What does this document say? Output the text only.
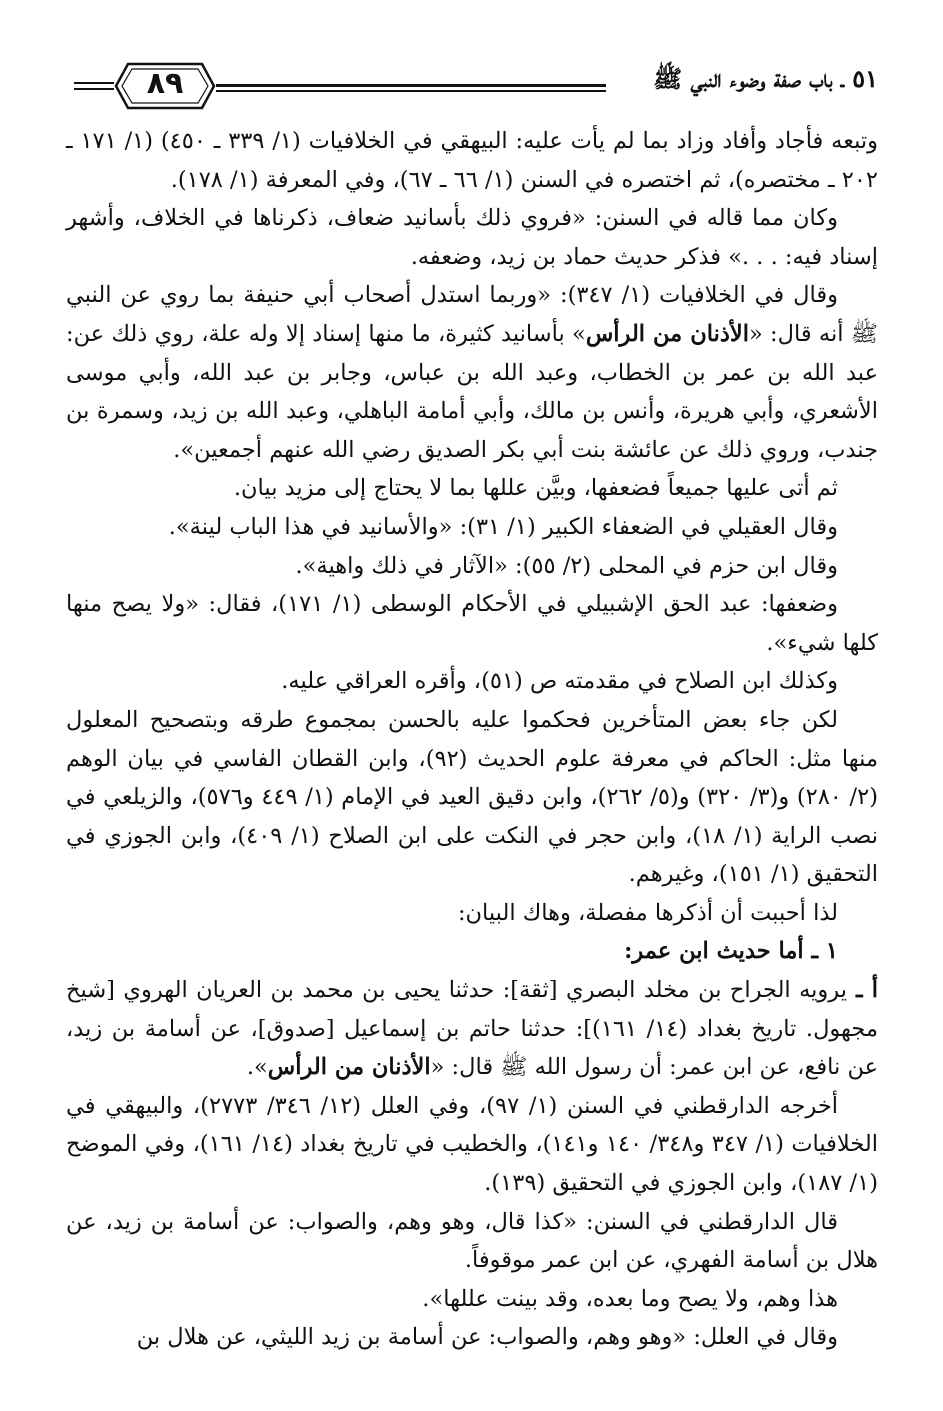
٨٩	٥١ ـ باب صفة وضوء النبي ﷺ

وتبعه فأجاد وأفاد وزاد بما لم يأت عليه: البيهقي في الخلافيات (١/ ٣٣٩ ـ ٤٥٠) (١/ ١٧١ ـ ٢٠٢ ـ مختصره)، ثم اختصره في السنن (١/ ٦٦ ـ ٦٧)، وفي المعرفة (١/ ١٧٨).

وكان مما قاله في السنن: «فروي ذلك بأسانيد ضعاف، ذكرناها في الخلاف، وأشهر إسناد فيه: . . .» فذكر حديث حماد بن زيد، وضعفه.

وقال في الخلافيات (١/ ٣٤٧): «وربما استدل أصحاب أبي حنيفة بما روي عن النبي ﷺ أنه قال: «الأذنان من الرأس» بأسانيد كثيرة، ما منها إسناد إلا وله علة، روي ذلك عن: عبد الله بن عمر بن الخطاب، وعبد الله بن عباس، وجابر بن عبد الله، وأبي موسى الأشعري، وأبي هريرة، وأنس بن مالك، وأبي أمامة الباهلي، وعبد الله بن زيد، وسمرة بن جندب، وروي ذلك عن عائشة بنت أبي بكر الصديق رضي الله عنهم أجمعين».

ثم أتى عليها جميعاً فضعفها، وبيَّن عللها بما لا يحتاج إلى مزيد بيان.

وقال العقيلي في الضعفاء الكبير (١/ ٣١): «والأسانيد في هذا الباب لينة».

وقال ابن حزم في المحلى (٢/ ٥٥): «الآثار في ذلك واهية».

وضعفها: عبد الحق الإشبيلي في الأحكام الوسطى (١/ ١٧١)، فقال: «ولا يصح منها كلها شيء».

وكذلك ابن الصلاح في مقدمته ص (٥١)، وأقره العراقي عليه.

لكن جاء بعض المتأخرين فحكموا عليه بالحسن بمجموع طرقه وبتصحيح المعلول منها مثل: الحاكم في معرفة علوم الحديث (٩٢)، وابن القطان الفاسي في بيان الوهم (٢/ ٢٨٠) و(٣/ ٣٢٠) و(٥/ ٢٦٢)، وابن دقيق العيد في الإمام (١/ ٤٤٩ و٥٧٦)، والزيلعي في نصب الراية (١/ ١٨)، وابن حجر في النكت على ابن الصلاح (١/ ٤٠٩)، وابن الجوزي في التحقيق (١/ ١٥١)، وغيرهم.

لذا أحببت أن أذكرها مفصلة، وهاك البيان:

١ ـ أما حديث ابن عمر:

أ ـ يرويه الجراح بن مخلد البصري [ثقة]: حدثنا يحيى بن محمد بن العريان الهروي [شيخ مجهول. تاريخ بغداد (١٤/ ١٦١)]: حدثنا حاتم بن إسماعيل [صدوق]، عن أسامة بن زيد، عن نافع، عن ابن عمر: أن رسول الله ﷺ قال: «الأذنان من الرأس».

أخرجه الدارقطني في السنن (١/ ٩٧)، وفي العلل (١٢/ ٣٤٦/ ٢٧٧٣)، والبيهقي في الخلافيات (١/ ٣٤٧ و٣٤٨/ ١٤٠ و١٤١)، والخطيب في تاريخ بغداد (١٤/ ١٦١)، وفي الموضح (١/ ١٨٧)، وابن الجوزي في التحقيق (١٣٩).

قال الدارقطني في السنن: «كذا قال، وهو وهم، والصواب: عن أسامة بن زيد، عن هلال بن أسامة الفهري، عن ابن عمر موقوفاً.

هذا وهم، ولا يصح وما بعده، وقد بينت عللها».

وقال في العلل: «وهو وهم، والصواب: عن أسامة بن زيد الليثي، عن هلال بن
